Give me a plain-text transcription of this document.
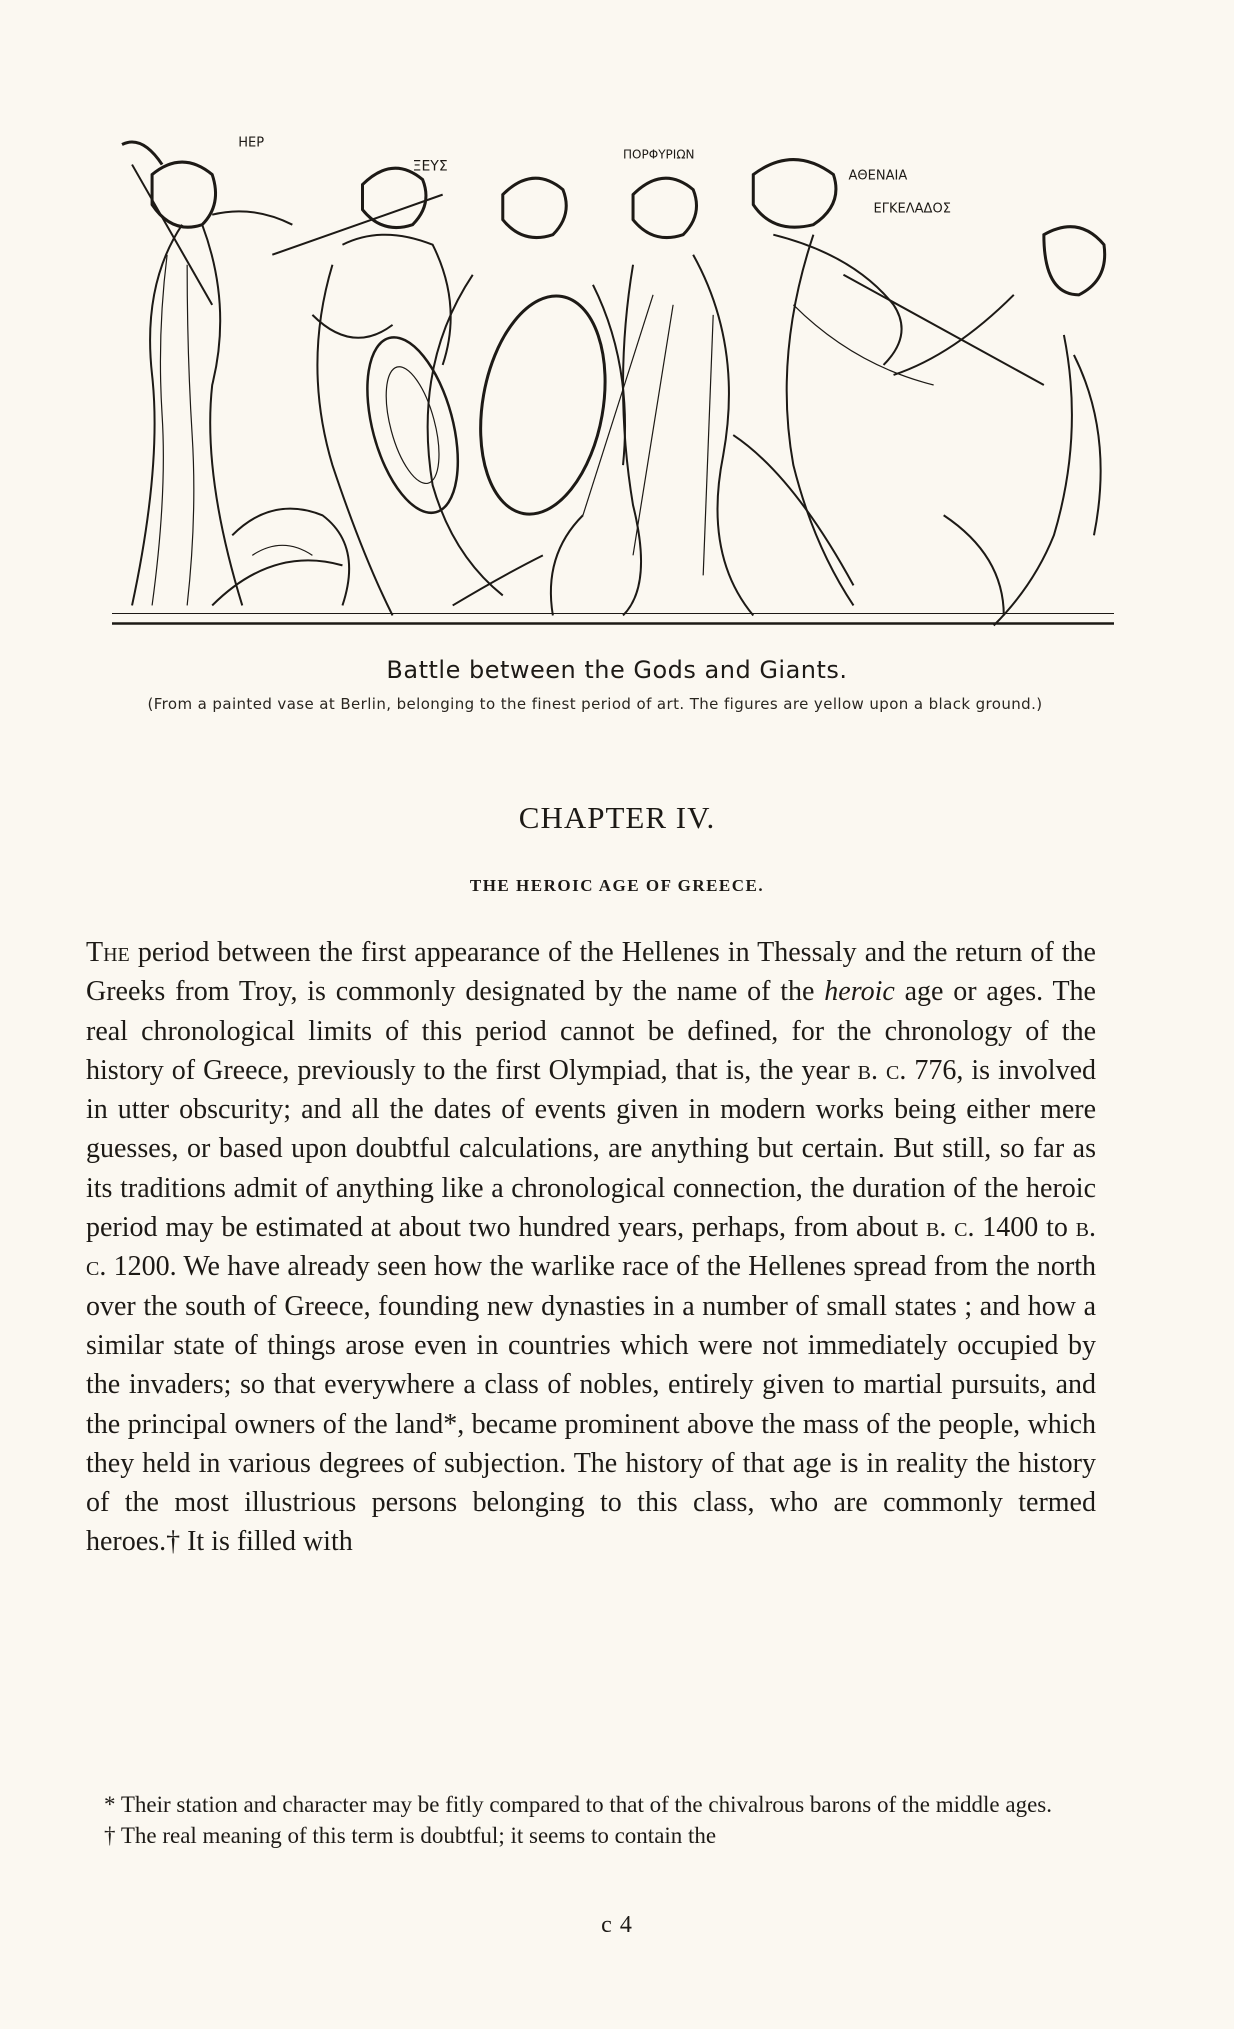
HEP
ΞΕΥΣ
ΠΟΡΦΥΡΙΩΝ
ΑΘΕΝΑΙΑ
ΕΓΚΕΛΑΔΟΣ
Battle between the Gods and Giants.
(From a painted vase at Berlin, belonging to the finest period of art. The figures are yellow upon a black ground.)
CHAPTER IV.
THE HEROIC AGE OF GREECE.

The period between the first appearance of the Hellenes in Thessaly and the return of the Greeks from Troy, is commonly designated by the name of the heroic age or ages. The real chronological limits of this period cannot be defined, for the chronology of the history of Greece, previously to the first Olympiad, that is, the year b. c. 776, is involved in utter obscurity; and all the dates of events given in modern works being either mere guesses, or based upon doubtful calculations, are anything but certain. But still, so far as its traditions admit of anything like a chronological connection, the duration of the heroic period may be estimated at about two hundred years, perhaps, from about b. c. 1400 to b. c. 1200. We have already seen how the warlike race of the Hellenes spread from the north over the south of Greece, founding new dynasties in a number of small states ; and how a similar state of things arose even in countries which were not immediately occupied by the invaders; so that everywhere a class of nobles, entirely given to martial pursuits, and the principal owners of the land*, became prominent above the mass of the people, which they held in various degrees of subjection. The history of that age is in reality the history of the most illustrious persons belonging to this class, who are commonly termed heroes.† It is filled with

* Their station and character may be fitly compared to that of the chivalrous barons of the middle ages.

† The real meaning of this term is doubtful; it seems to contain the

c 4
